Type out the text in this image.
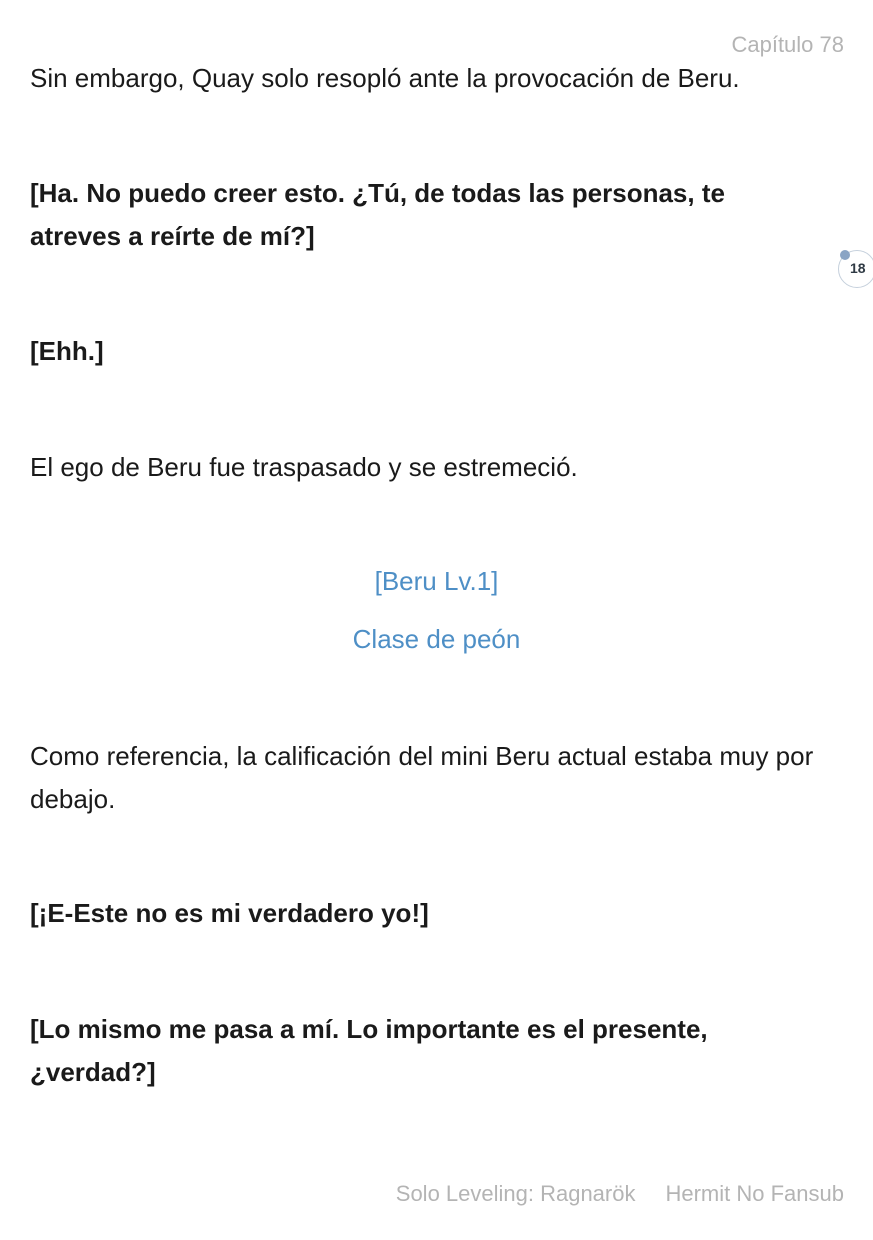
Capítulo 78
18

Sin embargo, Quay solo resopló ante la provocación de Beru.

[Ha. No puedo creer esto. ¿Tú, de todas las personas, te atreves a reírte de mí?]

[Ehh.]

El ego de Beru fue traspasado y se estremeció.

[Beru Lv.1]

Clase de peón

Como referencia, la calificación del mini Beru actual estaba muy por debajo.

[¡E-Este no es mi verdadero yo!]

[Lo mismo me pasa a mí. Lo importante es el presente, ¿verdad?]

Solo Leveling: Ragnarök Hermit No Fansub
